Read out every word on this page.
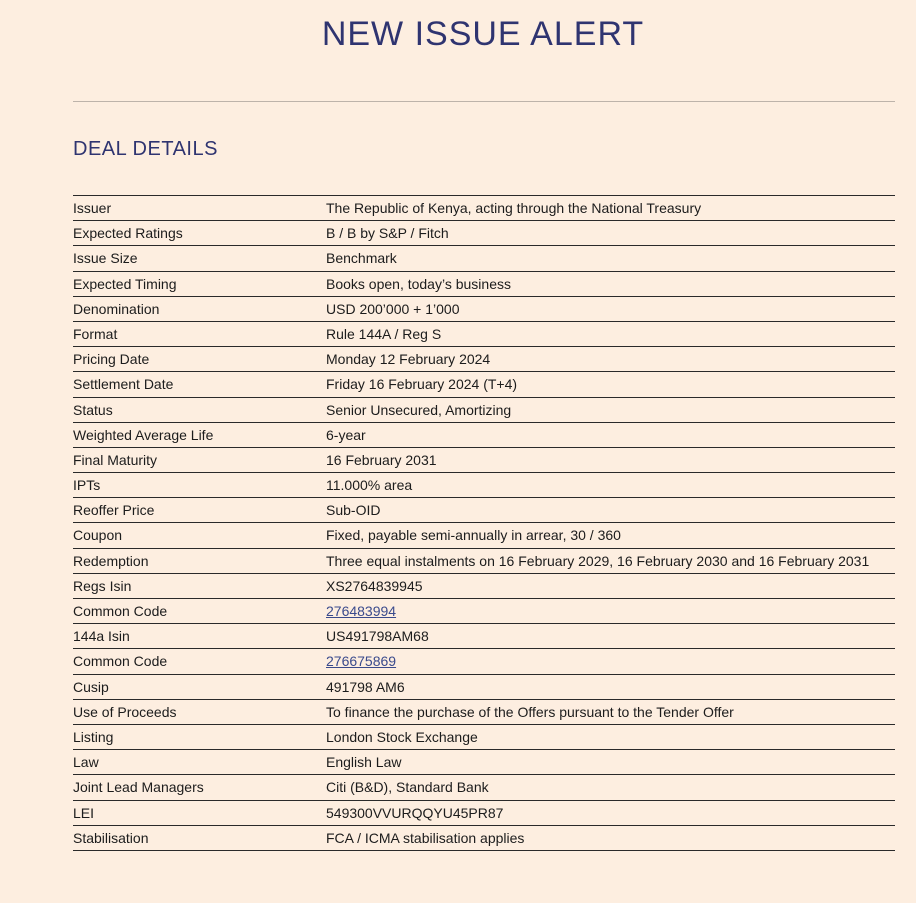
NEW ISSUE ALERT
DEAL DETAILS
Issuer	The Republic of Kenya, acting through the National Treasury
Expected Ratings	B / B by S&P / Fitch
Issue Size	Benchmark
Expected Timing	Books open, today’s business
Denomination	USD 200’000 + 1’000
Format	Rule 144A / Reg S
Pricing Date	Monday 12 February 2024
Settlement Date	Friday 16 February 2024 (T+4)
Status	Senior Unsecured, Amortizing
Weighted Average Life	6-year
Final Maturity	16 February 2031
IPTs	11.000% area
Reoffer Price	Sub-OID
Coupon	Fixed, payable semi-annually in arrear, 30 / 360
Redemption	Three equal instalments on 16 February 2029, 16 February 2030 and 16 February 2031
Regs Isin	XS2764839945
Common Code	276483994
144a Isin	US491798AM68
Common Code	276675869
Cusip	491798 AM6
Use of Proceeds	To finance the purchase of the Offers pursuant to the Tender Offer
Listing	London Stock Exchange
Law	English Law
Joint Lead Managers	Citi (B&D), Standard Bank
LEI	549300VVURQQYU45PR87
Stabilisation	FCA / ICMA stabilisation applies
